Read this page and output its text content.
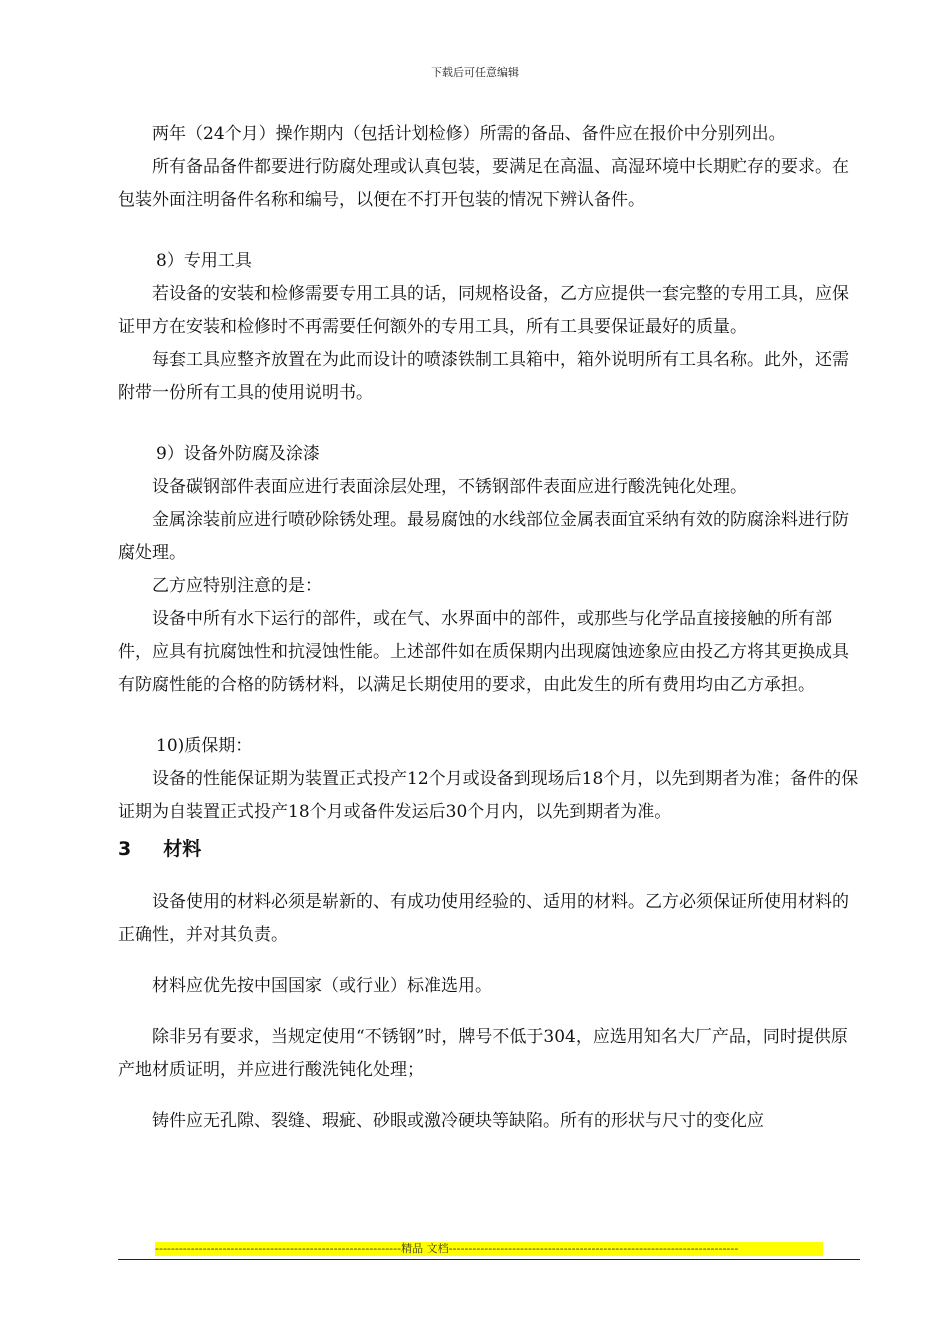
下载后可任意编辑

两年（24个月）操作期内（包括计划检修）所需的备品、备件应在报价中分别列出。

所有备品备件都要进行防腐处理或认真包装，要满足在高温、高湿环境中长期贮存的要求。在包装外面注明备件名称和编号，以便在不打开包装的情况下辨认备件。

8）专用工具

若设备的安装和检修需要专用工具的话，同规格设备，乙方应提供一套完整的专用工具，应保证甲方在安装和检修时不再需要任何额外的专用工具，所有工具要保证最好的质量。

每套工具应整齐放置在为此而设计的喷漆铁制工具箱中，箱外说明所有工具名称。此外，还需附带一份所有工具的使用说明书。

9）设备外防腐及涂漆

设备碳钢部件表面应进行表面涂层处理，不锈钢部件表面应进行酸洗钝化处理。

金属涂装前应进行喷砂除锈处理。最易腐蚀的水线部位金属表面宜采纳有效的防腐涂料进行防腐处理。

乙方应特别注意的是：

设备中所有水下运行的部件，或在气、水界面中的部件，或那些与化学品直接接触的所有部件，应具有抗腐蚀性和抗浸蚀性能。上述部件如在质保期内出现腐蚀迹象应由投乙方将其更换成具有防腐性能的合格的防锈材料，以满足长期使用的要求，由此发生的所有费用均由乙方承担。

10)质保期：

设备的性能保证期为装置正式投产12个月或设备到现场后18个月，以先到期者为准；备件的保证期为自装置正式投产18个月或备件发运后30个月内，以先到期者为准。

3 材料

设备使用的材料必须是崭新的、有成功使用经验的、适用的材料。乙方必须保证所使用材料的正确性，并对其负责。

材料应优先按中国国家（或行业）标准选用。

除非另有要求，当规定使用“不锈钢”时，牌号不低于304，应选用知名大厂产品，同时提供原产地材质证明，并应进行酸洗钝化处理；

铸件应无孔隙、裂缝、瑕疵、砂眼或激冷硬块等缺陷。所有的形状与尺寸的变化应

--------------------------------------------------------------精品 文档-------------------------------------------------------------------------
